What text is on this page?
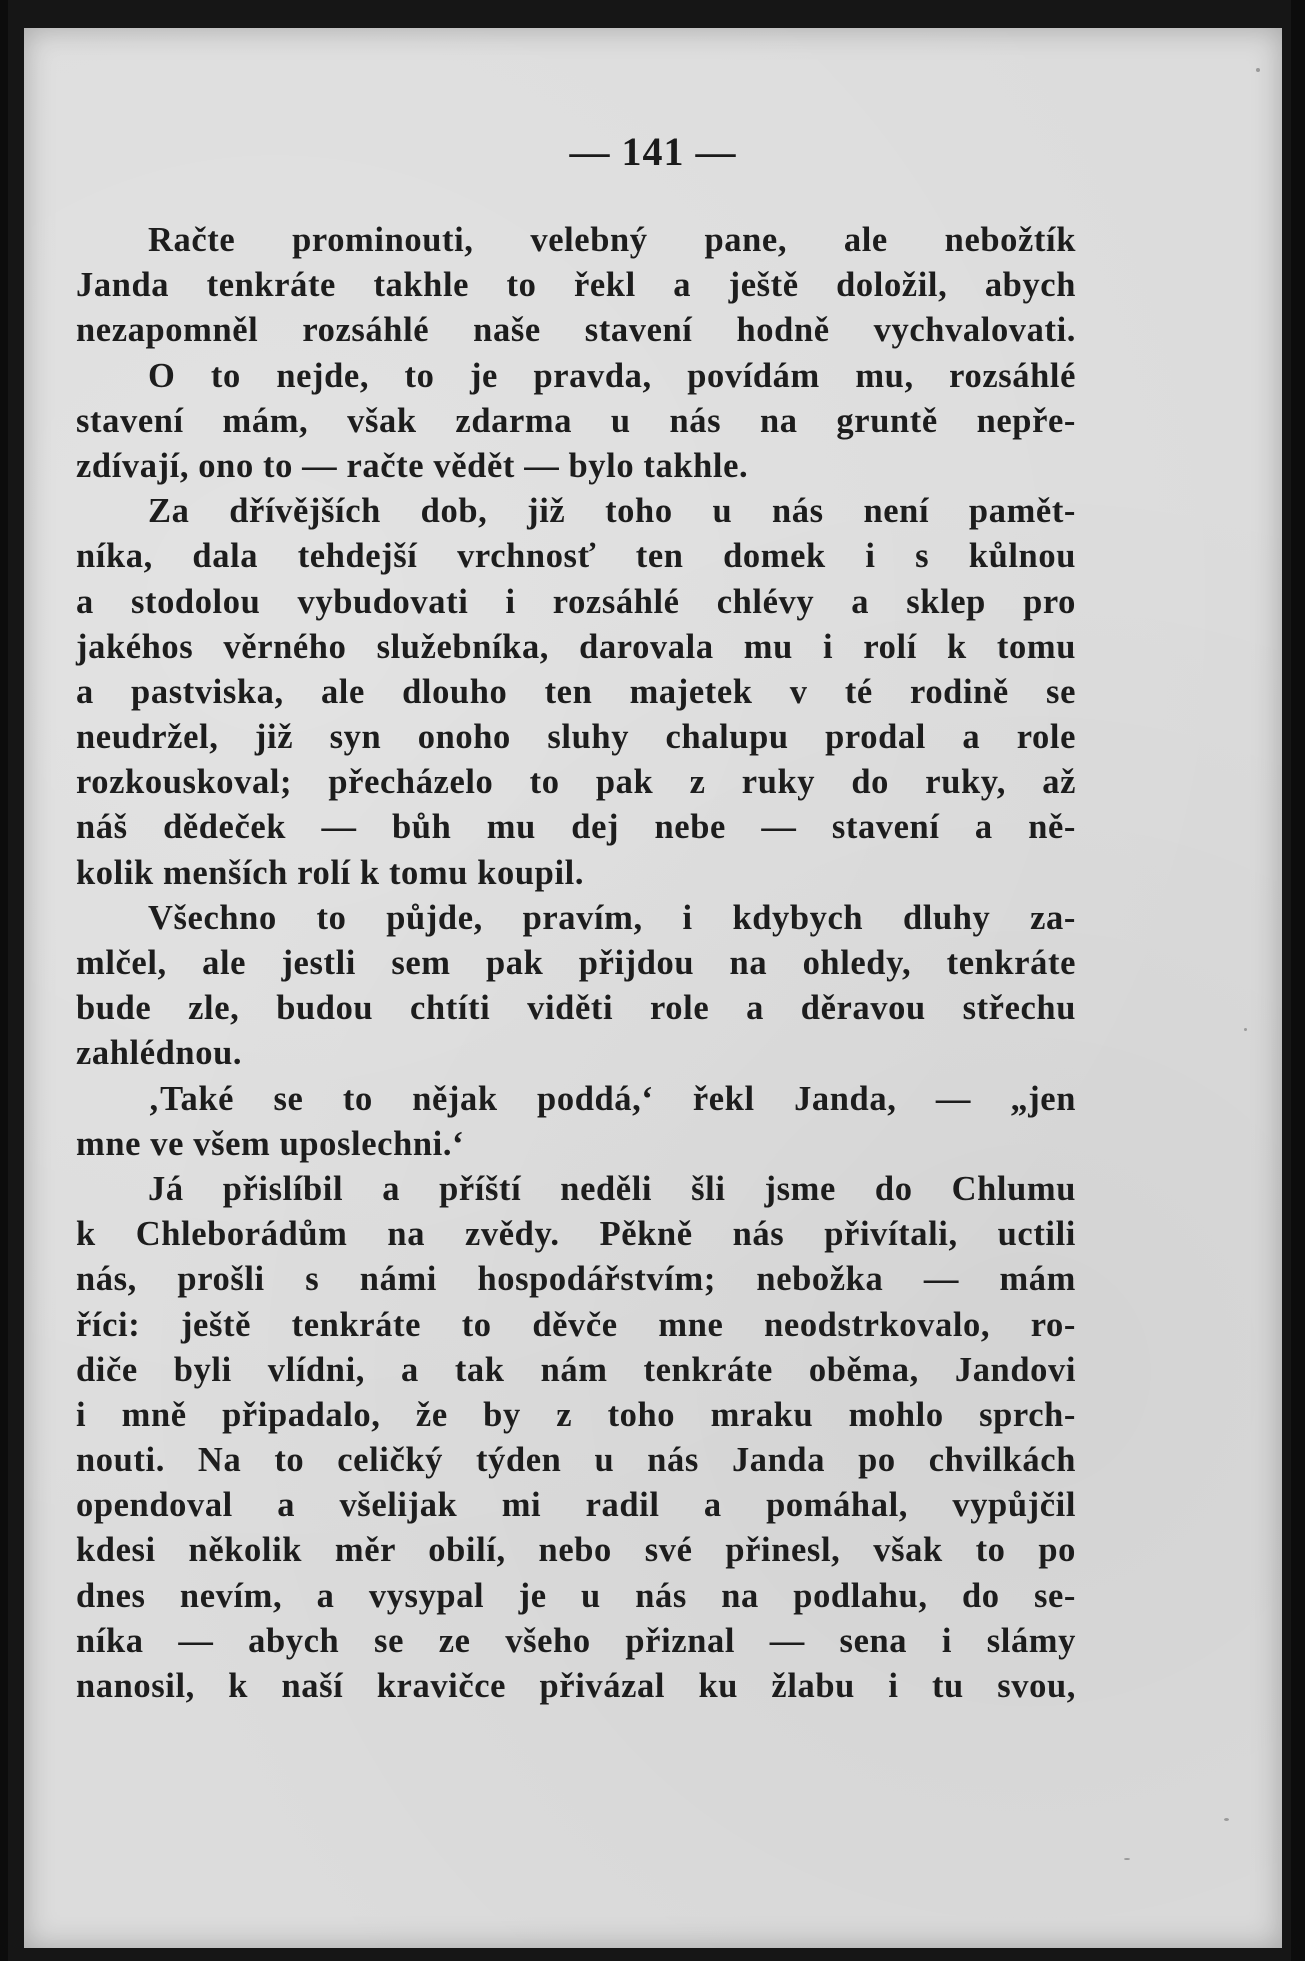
— 141 —
Račte prominouti, velebný pane, ale nebožtík
Janda tenkráte takhle to řekl a ještě doložil, abych
nezapomněl rozsáhlé naše stavení hodně vychvalovati.
O to nejde, to je pravda, povídám mu, rozsáhlé
stavení mám, však zdarma u nás na gruntě nepře-
zdívají, ono to — račte vědět — bylo takhle.
Za dřívějších dob, již toho u nás není pamět-
níka, dala tehdejší vrchnosť ten domek i s kůlnou
a stodolou vybudovati i rozsáhlé chlévy a sklep pro
jakéhos věrného služebníka, darovala mu i rolí k tomu
a pastviska, ale dlouho ten majetek v té rodině se
neudržel, již syn onoho sluhy chalupu prodal a role
rozkouskoval; přecházelo to pak z ruky do ruky, až
náš dědeček — bůh mu dej nebe — stavení a ně-
kolik menších rolí k tomu koupil.
Všechno to půjde, pravím, i kdybych dluhy za-
mlčel, ale jestli sem pak přijdou na ohledy, tenkráte
bude zle, budou chtíti viděti role a děravou střechu
zahlédnou.
‚Také se to nějak poddá,‘ řekl Janda, — „jen
mne ve všem uposlechni.‘
Já přislíbil a příští neděli šli jsme do Chlumu
k Chleborádům na zvědy. Pěkně nás přivítali, uctili
nás, prošli s námi hospodářstvím; nebožka — mám
říci: ještě tenkráte to děvče mne neodstrkovalo, ro-
diče byli vlídni, a tak nám tenkráte oběma, Jandovi
i mně připadalo, že by z toho mraku mohlo sprch-
nouti. Na to celičký týden u nás Janda po chvilkách
opendoval a všelijak mi radil a pomáhal, vypůjčil
kdesi několik měr obilí, nebo své přinesl, však to po
dnes nevím, a vysypal je u nás na podlahu, do se-
níka — abych se ze všeho přiznal — sena i slámy
nanosil, k naší kravičce přivázal ku žlabu i tu svou,
